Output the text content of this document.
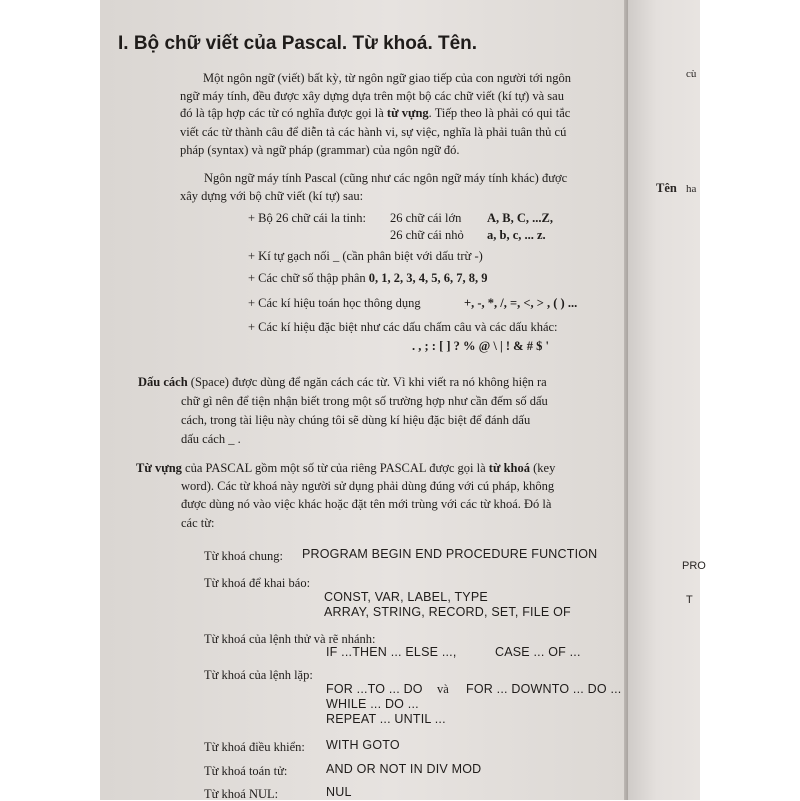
I. Bộ chữ viết của Pascal. Từ khoá. Tên.
Một ngôn ngữ (viết) bất kỳ, từ ngôn ngữ giao tiếp của con người tới ngôn
ngữ máy tính, đều được xây dựng dựa trên một bộ các chữ viết (kí tự) và sau
đó là tập hợp các từ có nghĩa được gọi là từ vựng. Tiếp theo là phải có qui tắc
viết các từ thành câu để diễn tả các hành vi, sự việc, nghĩa là phải tuân thủ cú
pháp (syntax) và ngữ pháp (grammar) của ngôn ngữ đó.
Ngôn ngữ máy tính Pascal (cũng như các ngôn ngữ máy tính khác) được
xây dựng với bộ chữ viết (kí tự) sau:
+ Bộ 26 chữ cái la tinh: 26 chữ cái lớn A, B, C, ...Z,
26 chữ cái nhỏ a, b, c, ... z.
+ Kí tự gạch nối _ (cần phân biệt với dấu trừ -)
+ Các chữ số thập phân 0, 1, 2, 3, 4, 5, 6, 7, 8, 9
+ Các kí hiệu toán học thông dụng	+, -, *, /, =, <, > , ( ) ...
+ Các kí hiệu đặc biệt như các dấu chấm câu và các dấu khác:
. , ; : [ ] ? % @ \ | ! & # $ '
Dấu cách (Space) được dùng để ngăn cách các từ. Vì khi viết ra nó không hiện ra
chữ gì nên để tiện nhận biết trong một số trường hợp như cần đếm số dấu
cách, trong tài liệu này chúng tôi sẽ dùng kí hiệu đặc biệt để đánh dấu
dấu cách _ .
Từ vựng của PASCAL gồm một số từ của riêng PASCAL được gọi là từ khoá (key
word). Các từ khoá này người sử dụng phải dùng đúng với cú pháp, không
được dùng nó vào việc khác hoặc đặt tên mới trùng với các từ khoá. Đó là
các từ:
Từ khoá chung: PROGRAM BEGIN END PROCEDURE FUNCTION
Từ khoá để khai báo:
CONST, VAR, LABEL, TYPE
ARRAY, STRING, RECORD, SET, FILE OF
Từ khoá của lệnh thử và rẽ nhánh:
IF ...THEN ... ELSE ...,	CASE ... OF ...
Từ khoá của lệnh lặp:
FOR ...TO ... DO và FOR ... DOWNTO ... DO ...
WHILE ... DO ...
REPEAT ... UNTIL ...
Từ khoá điều khiển: WITH GOTO
Từ khoá toán tử:	AND OR NOT IN DIV MOD
Từ khoá NUL:	NUL
cù
Tên ha
PRO
T
